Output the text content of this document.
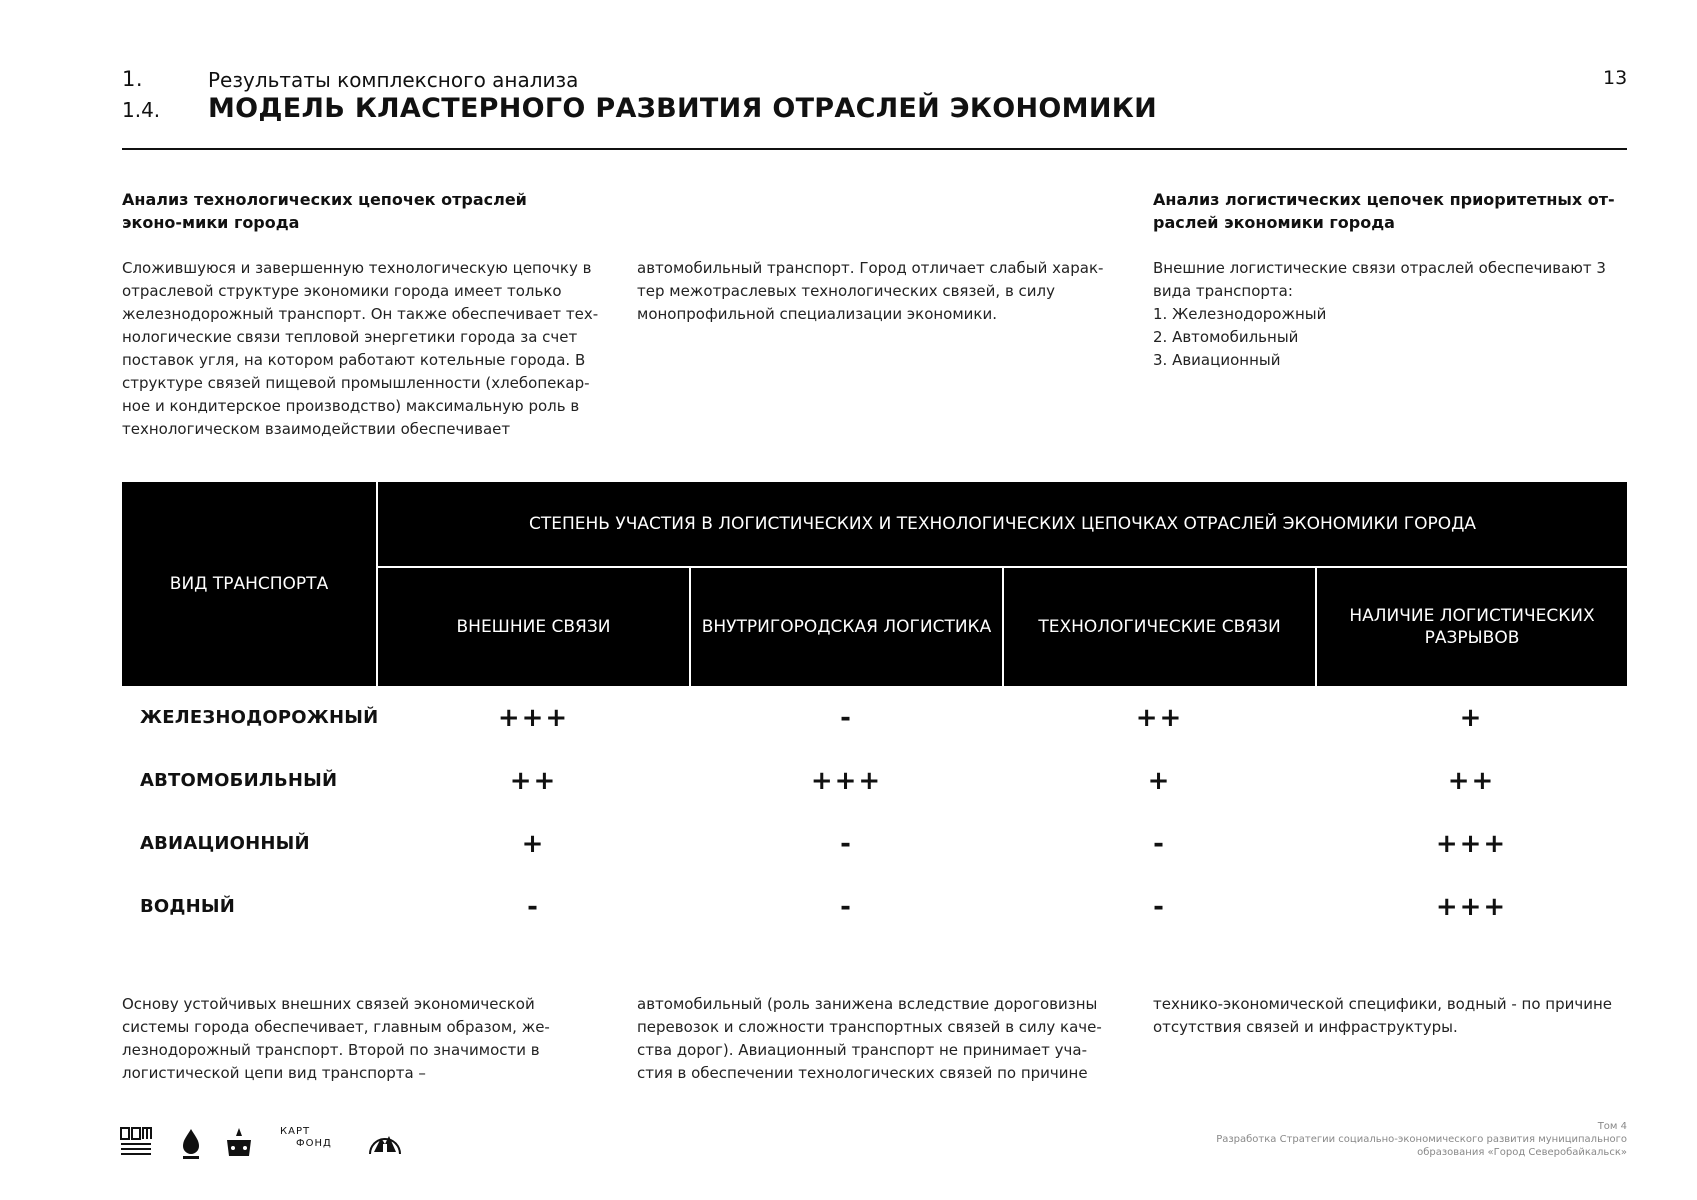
1.	Результаты комплексного анализа
1.4. МОДЕЛЬ КЛАСТЕРНОГО РАЗВИТИЯ ОТРАСЛЕЙ ЭКОНОМИКИ
13
Анализ технологических цепочек отраслей эконо-мики города

Сложившуюся и завершенную технологическую цепочку в отраслевой структуре экономики города имеет только железнодорожный транспорт. Он также обеспечивает тех-нологические связи тепловой энергетики города за счет поставок угля, на котором работают котельные города. В структуре связей пищевой промышленности (хлебопекар-ное и кондитерское производство) максимальную роль в технологическом взаимодействии обеспечивает

автомобильный транспорт. Город отличает слабый харак-тер межотраслевых технологических связей, в силу монопрофильной специализации экономики.

Анализ логистических цепочек приоритетных от-раслей экономики города

Внешние логистические связи отраслей обеспечивают 3 вида транспорта:

1. Железнодорожный
2. Автомобильный
3. Авиационный
ВИД ТРАНСПОРТА	СТЕПЕНЬ УЧАСТИЯ В ЛОГИСТИЧЕСКИХ И ТЕХНОЛОГИЧЕСКИХ ЦЕПОЧКАХ ОТРАСЛЕЙ ЭКОНОМИКИ ГОРОДА			
	ВНЕШНИЕ СВЯЗИ	ВНУТРИГОРОДСКАЯ ЛОГИСТИКА	ТЕХНОЛОГИЧЕСКИЕ СВЯЗИ	НАЛИЧИЕ ЛОГИСТИЧЕСКИХ РАЗРЫВОВ
ЖЕЛЕЗНОДОРОЖНЫЙ	+++	-	++	+
АВТОМОБИЛЬНЫЙ	++	+++	+	++
АВИАЦИОННЫЙ	+	-	-	+++
ВОДНЫЙ	-	-	-	+++

Основу устойчивых внешних связей экономической системы города обеспечивает, главным образом, же-лезнодорожный транспорт. Второй по значимости в логистической цепи вид транспорта –

автомобильный (роль занижена вследствие дороговизны перевозок и сложности транспортных связей в силу каче-ства дорог). Авиационный транспорт не принимает уча-стия в обеспечении технологических связей по причине

технико-экономической специфики, водный - по причине отсутствия связей и инфраструктуры.

КАРТ
ФОНД
Том 4
Разработка Стратегии социально-экономического развития муниципального
образования «Город Северобайкальск»
